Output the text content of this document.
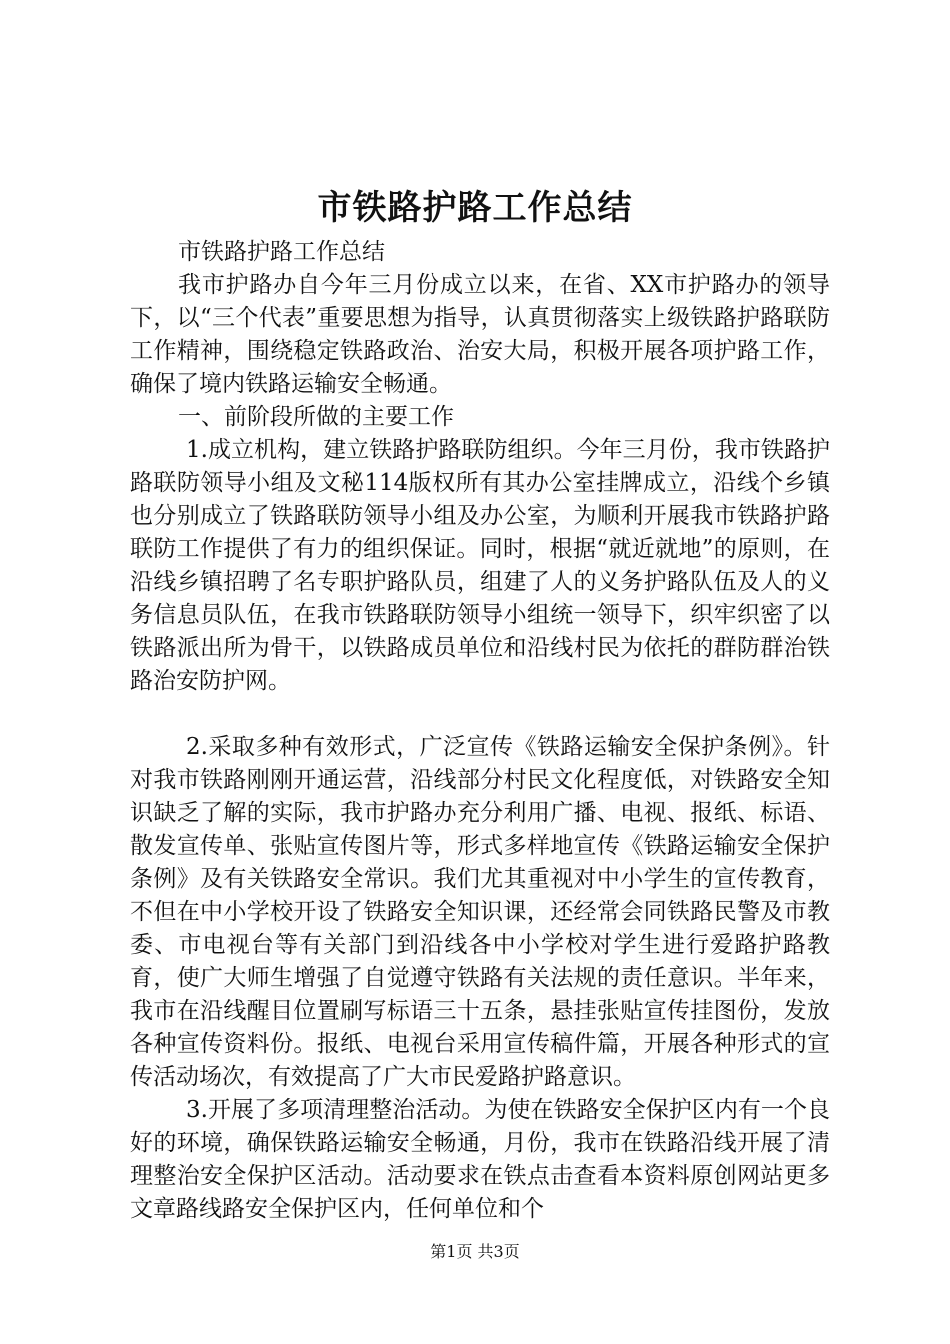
市铁路护路工作总结

市铁路护路工作总结

我市护路办自今年三月份成立以来，在省、XX市护路办的领导下，以“三个代表”重要思想为指导，认真贯彻落实上级铁路护路联防工作精神，围绕稳定铁路政治、治安大局，积极开展各项护路工作，确保了境内铁路运输安全畅通。

一、前阶段所做的主要工作

1.成立机构，建立铁路护路联防组织。今年三月份，我市铁路护路联防领导小组及文秘114版权所有其办公室挂牌成立，沿线个乡镇也分别成立了铁路联防领导小组及办公室，为顺利开展我市铁路护路联防工作提供了有力的组织保证。同时，根据“就近就地”的原则，在沿线乡镇招聘了名专职护路队员，组建了人的义务护路队伍及人的义务信息员队伍，在我市铁路联防领导小组统一领导下，织牢织密了以铁路派出所为骨干，以铁路成员单位和沿线村民为依托的群防群治铁路治安防护网。

2.采取多种有效形式，广泛宣传《铁路运输安全保护条例》。针对我市铁路刚刚开通运营，沿线部分村民文化程度低，对铁路安全知识缺乏了解的实际，我市护路办充分利用广播、电视、报纸、标语、散发宣传单、张贴宣传图片等，形式多样地宣传《铁路运输安全保护条例》及有关铁路安全常识。我们尤其重视对中小学生的宣传教育，不但在中小学校开设了铁路安全知识课，还经常会同铁路民警及市教委、市电视台等有关部门到沿线各中小学校对学生进行爱路护路教育，使广大师生增强了自觉遵守铁路有关法规的责任意识。半年来，我市在沿线醒目位置刷写标语三十五条，悬挂张贴宣传挂图份，发放各种宣传资料份。报纸、电视台采用宣传稿件篇，开展各种形式的宣传活动场次，有效提高了广大市民爱路护路意识。

3.开展了多项清理整治活动。为使在铁路安全保护区内有一个良好的环境，确保铁路运输安全畅通，月份，我市在铁路沿线开展了清理整治安全保护区活动。活动要求在铁点击查看本资料原创网站更多文章路线路安全保护区内，任何单位和个

第1页 共3页
